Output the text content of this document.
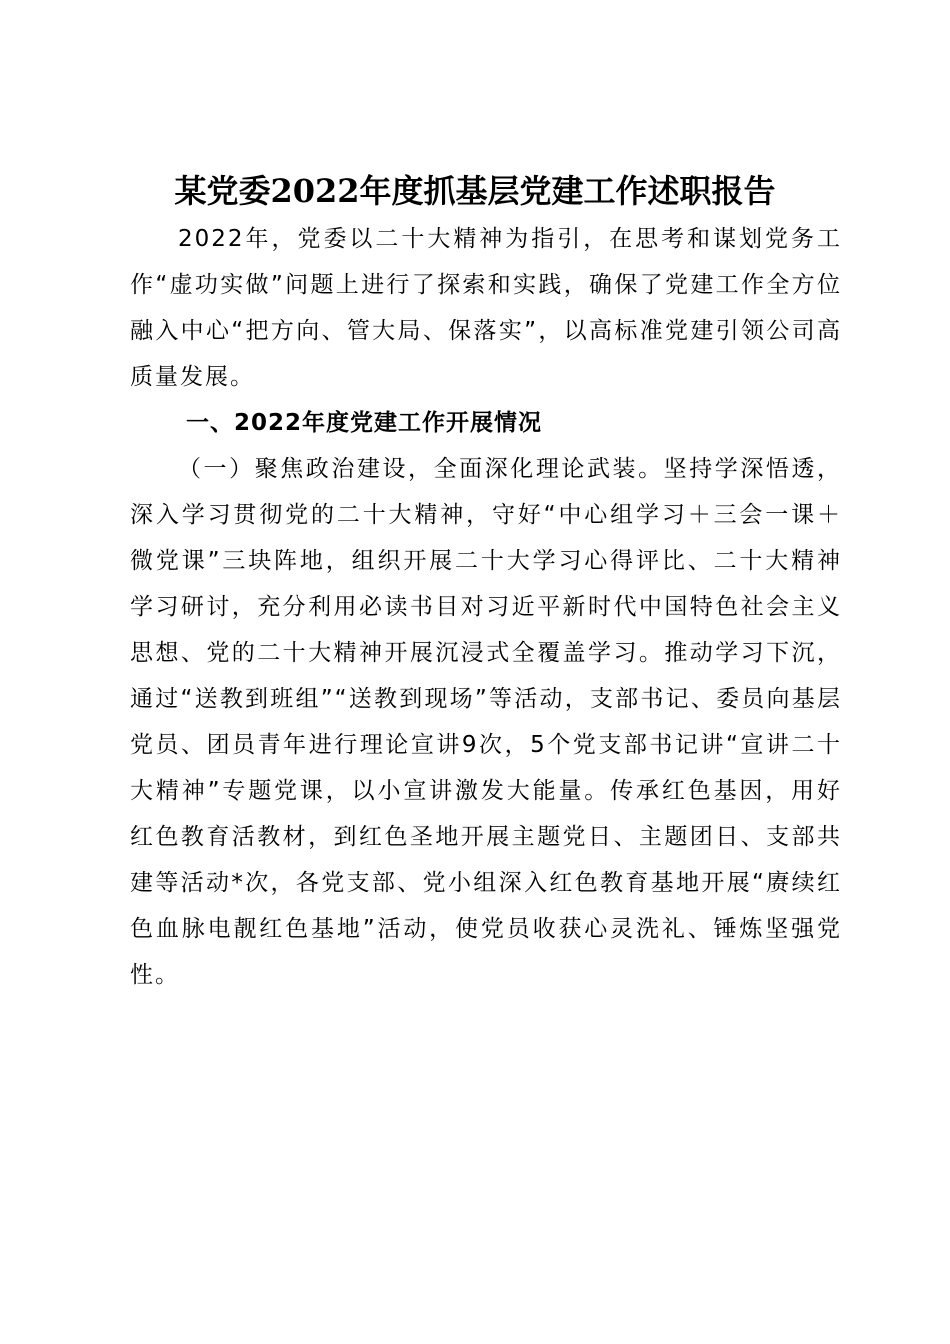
某党委2022年度抓基层党建工作述职报告

2022年，党委以二十大精神为指引，在思考和谋划党务工作“虚功实做”问题上进行了探索和实践，确保了党建工作全方位融入中心“把方向、管大局、保落实”，以高标准党建引领公司高质量发展。

一、2022年度党建工作开展情况

（一）聚焦政治建设，全面深化理论武装。坚持学深悟透，深入学习贯彻党的二十大精神，守好“中心组学习＋三会一课＋微党课”三块阵地，组织开展二十大学习心得评比、二十大精神学习研讨，充分利用必读书目对习近平新时代中国特色社会主义思想、党的二十大精神开展沉浸式全覆盖学习。推动学习下沉，通过“送教到班组”“送教到现场”等活动，支部书记、委员向基层党员、团员青年进行理论宣讲9次，5个党支部书记讲“宣讲二十大精神”专题党课，以小宣讲激发大能量。传承红色基因，用好红色教育活教材，到红色圣地开展主题党日、主题团日、支部共建等活动*次，各党支部、党小组深入红色教育基地开展“赓续红色血脉电靓红色基地”活动，使党员收获心灵洗礼、锤炼坚强党性。
